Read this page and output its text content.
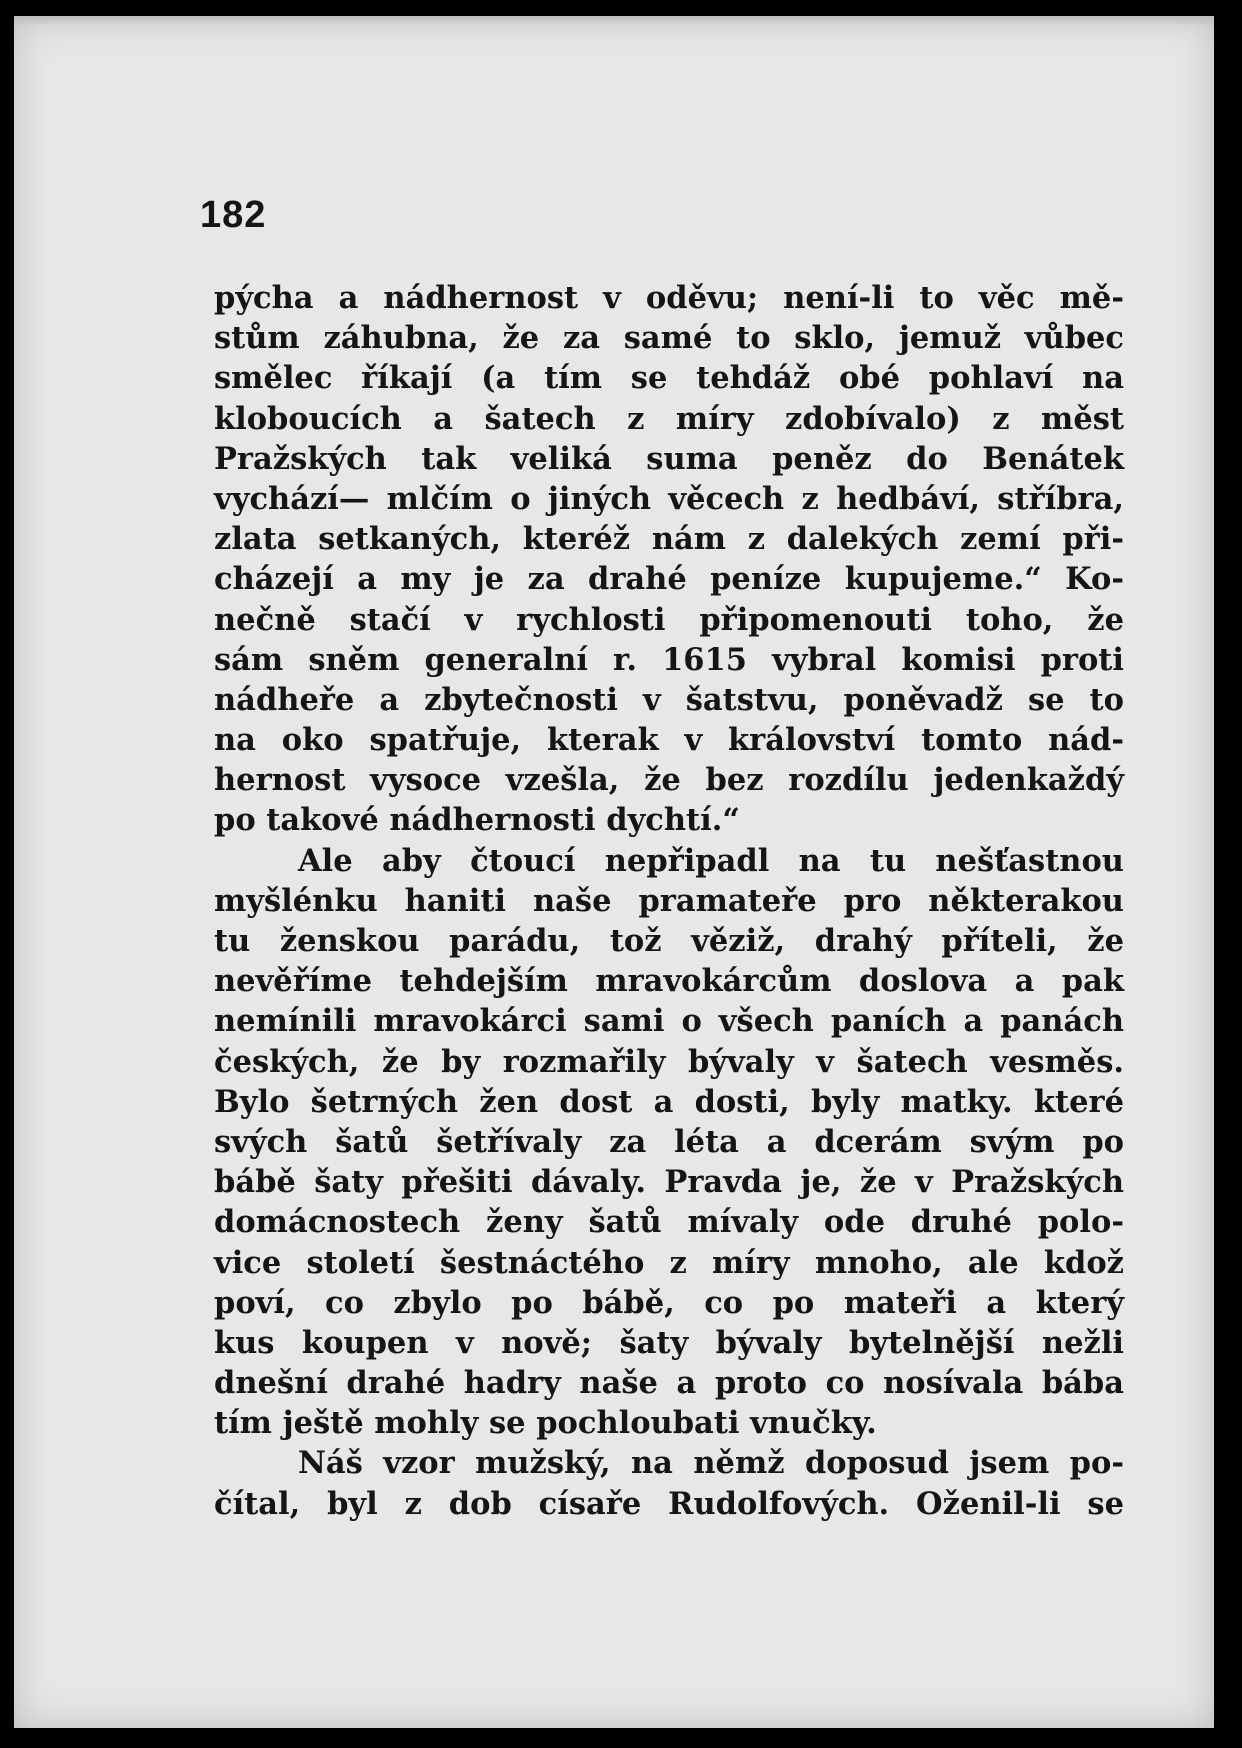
182
pýcha a nádhernost v oděvu; není-li to věc mě-
stům záhubna, že za samé to sklo, jemuž vůbec
smělec říkají (a tím se tehdáž obé pohlaví na
kloboucích a šatech z míry zdobívalo) z měst
Pražských tak veliká suma peněz do Benátek
vychází— mlčím o jiných věcech z hedbáví, stříbra,
zlata setkaných, kteréž nám z dalekých zemí při-
cházejí a my je za drahé peníze kupujeme.“ Ko-
nečně stačí v rychlosti připomenouti toho, že
sám sněm generalní r. 1615 vybral komisi proti
nádheře a zbytečnosti v šatstvu, poněvadž se to
na oko spatřuje, kterak v království tomto nád-
hernost vysoce vzešla, že bez rozdílu jedenkaždý
po takové nádhernosti dychtí.“
Ale aby čtoucí nepřipadl na tu nešťastnou
myšlénku haniti naše pramateře pro některakou
tu ženskou parádu, tož věziž, drahý příteli, že
nevěříme tehdejším mravokárcům doslova a pak
nemínili mravokárci sami o všech paních a panách
českých, že by rozmařily bývaly v šatech vesměs.
Bylo šetrných žen dost a dosti, byly matky. které
svých šatů šetřívaly za léta a dcerám svým po
bábě šaty přešiti dávaly. Pravda je, že v Pražských
domácnostech ženy šatů mívaly ode druhé polo-
vice století šestnáctého z míry mnoho, ale kdož
poví, co zbylo po bábě, co po mateři a který
kus koupen v nově; šaty bývaly bytelnější nežli
dnešní drahé hadry naše a proto co nosívala bába
tím ještě mohly se pochloubati vnučky.
Náš vzor mužský, na němž doposud jsem po-
čítal, byl z dob císaře Rudolfových. Oženil-li se
